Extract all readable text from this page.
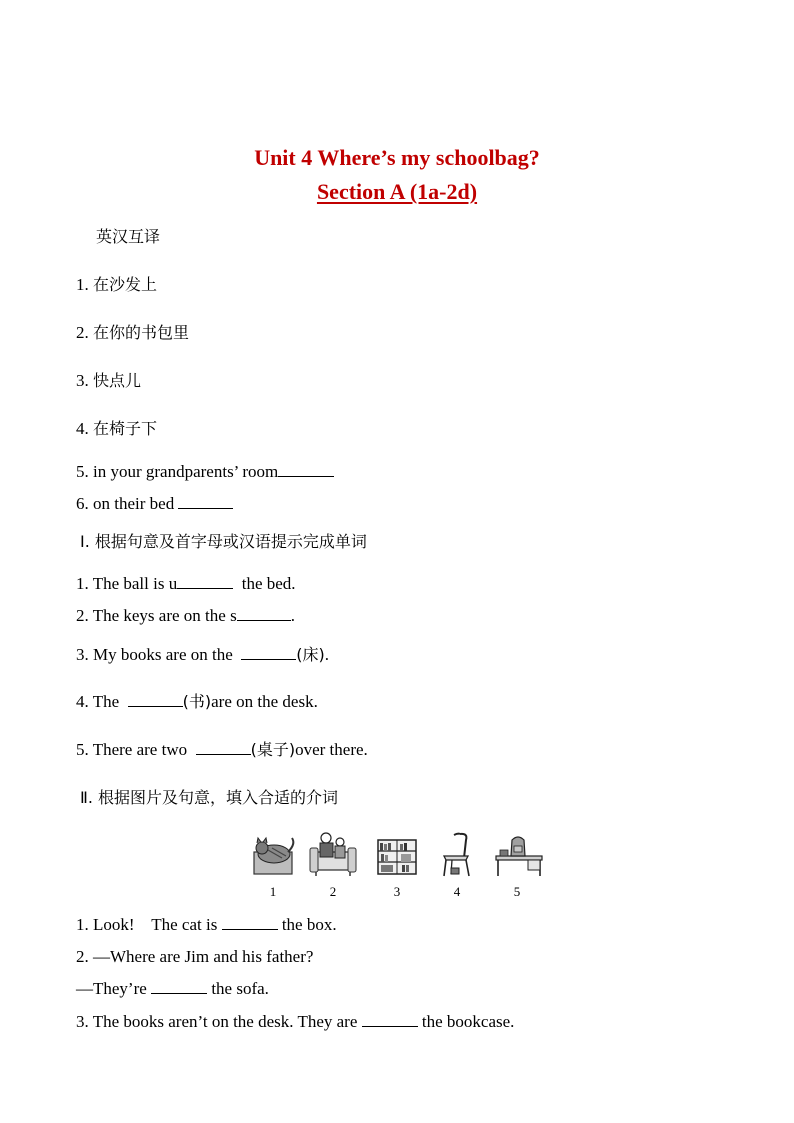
Unit 4 Where’s my schoolbag?
Section A (1a-2d)
英汉互译
1. 在沙发上
2. 在你的书包里
3. 快点儿
4. 在椅子下
5. in your grandparents’ room
6. on their bed
Ⅰ. 根据句意及首字母或汉语提示完成单词
1. The ball is u	the bed.
2. The keys are on the s	.
3. My books are on the	(床).
4. The	(书)are on the desk.
5. There are two	(桌子)over there.
Ⅱ. 根据图片及句意，填入合适的介词
1	2	3	4	5
1. Look!    The cat is	the box.
2. —Where are Jim and his father?
—They’re	the sofa.
3. The books aren’t on the desk. They are	the bookcase.
